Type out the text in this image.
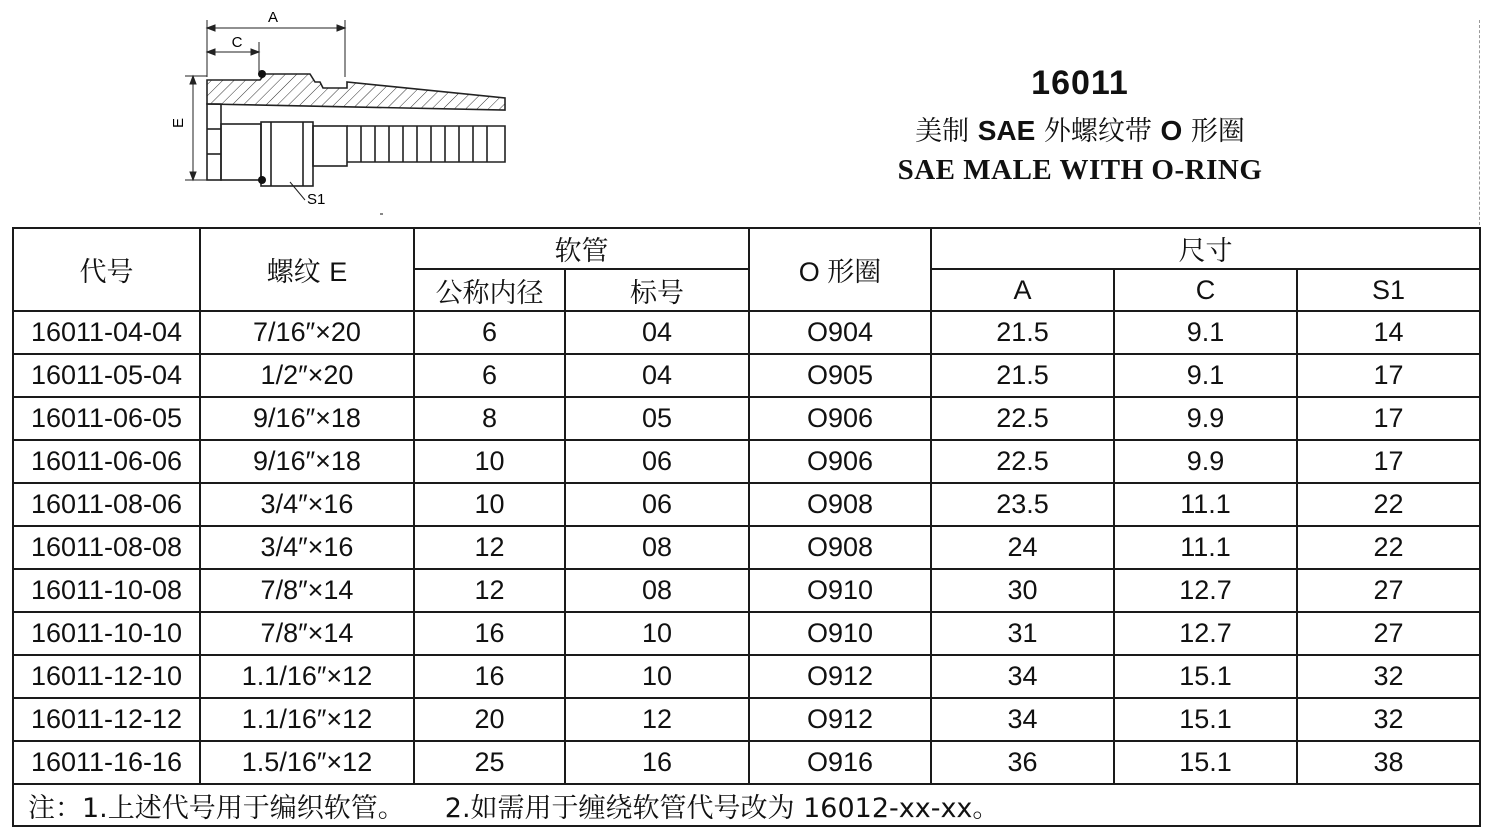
A
C
E
S1
16011
美制 SAE 外螺纹带 O 形圈
SAE MALE WITH O-RING
代号	螺纹 E	软管		O 形圈	尺寸		
		公称内径	标号		A	C	S1
16011-04-04	7/16″×20	6	04	O904	21.5	9.1	14
16011-05-04	1/2″×20	6	04	O905	21.5	9.1	17
16011-06-05	9/16″×18	8	05	O906	22.5	9.9	17
16011-06-06	9/16″×18	10	06	O906	22.5	9.9	17
16011-08-06	3/4″×16	10	06	O908	23.5	11.1	22
16011-08-08	3/4″×16	12	08	O908	24	11.1	22
16011-10-08	7/8″×14	12	08	O910	30	12.7	27
16011-10-10	7/8″×14	16	10	O910	31	12.7	27
16011-12-10	1.1/16″×12	16	10	O912	34	15.1	32
16011-12-12	1.1/16″×12	20	12	O912	34	15.1	32
16011-16-16	1.5/16″×12	25	16	O916	36	15.1	38
注：1.上述代号用于编织软管。 2.如需用于缠绕软管代号改为 16012-xx-xx。							
